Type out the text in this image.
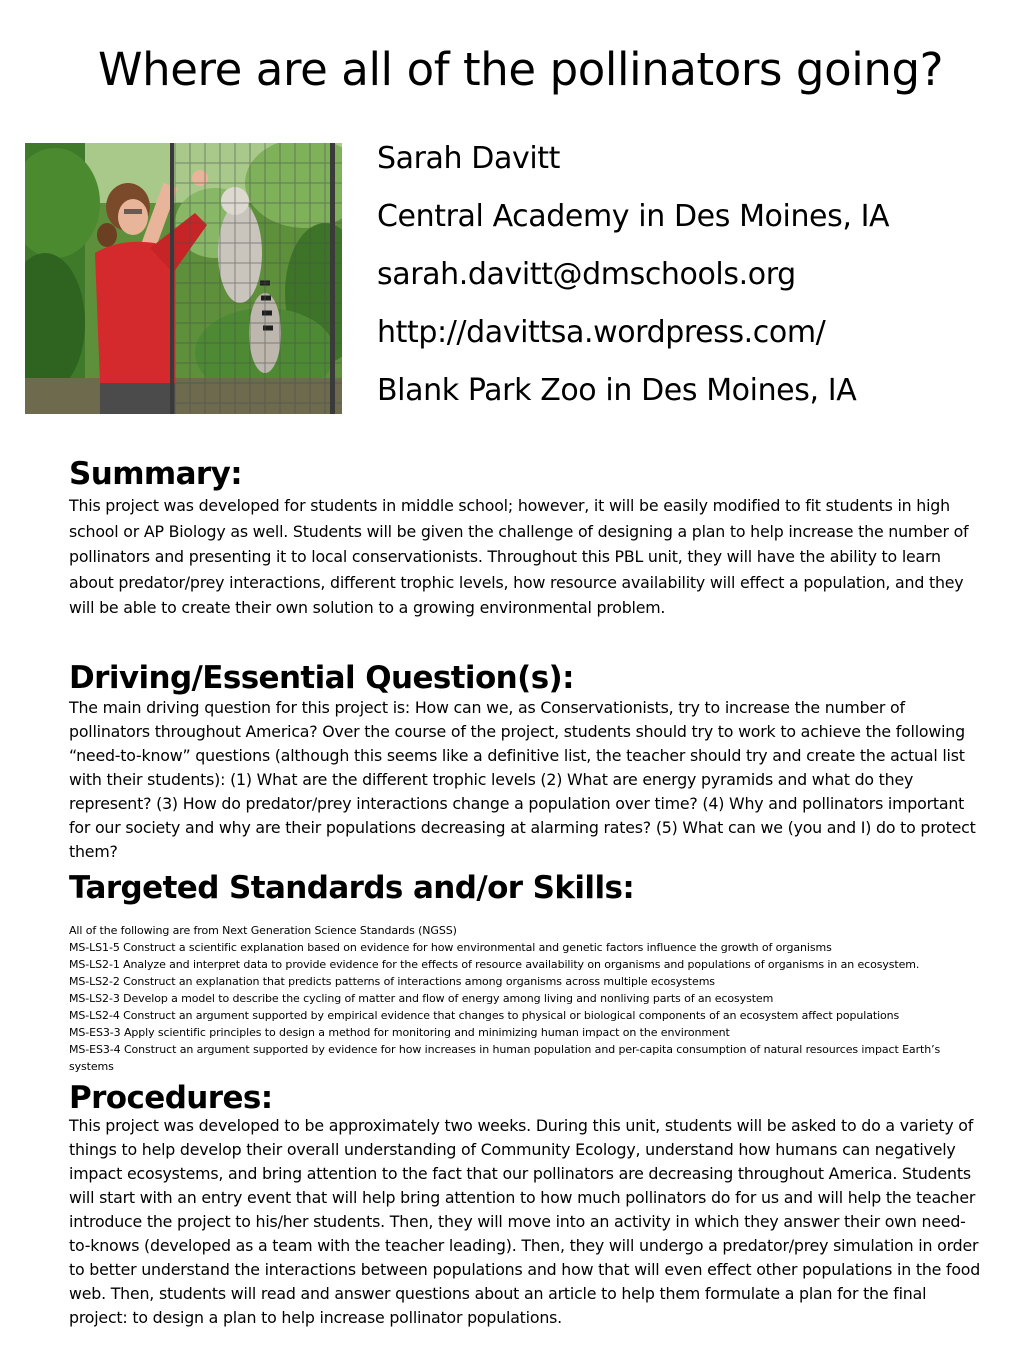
Where are all of the pollinators going?
Sarah Davitt
Central Academy in Des Moines, IA
sarah.davitt@dmschools.org
http://davittsa.wordpress.com/
Blank Park Zoo in Des Moines, IA
Summary:
This project was developed for students in middle school; however, it will be easily modified to fit students in high school or AP Biology as well. Students will be given the challenge of designing a plan to help increase the number of pollinators and presenting it to local conservationists. Throughout this PBL unit, they will have the ability to learn about predator/prey interactions, different trophic levels, how resource availability will effect a population, and they will be able to create their own solution to a growing environmental problem.
Driving/Essential Question(s):
The main driving question for this project is: How can we, as Conservationists, try to increase the number of pollinators throughout America? Over the course of the project, students should try to work to achieve the following “need-to-know” questions (although this seems like a definitive list, the teacher should try and create the actual list with their students): (1) What are the different trophic levels (2) What are energy pyramids and what do they represent? (3) How do predator/prey interactions change a population over time? (4) Why and pollinators important for our society and why are their populations decreasing at alarming rates? (5) What can we (you and I) do to protect them?
Targeted Standards and/or Skills:
All of the following are from Next Generation Science Standards (NGSS)
MS-LS1-5 Construct a scientific explanation based on evidence for how environmental and genetic factors influence the growth of organisms
MS-LS2-1 Analyze and interpret data to provide evidence for the effects of resource availability on organisms and populations of organisms in an ecosystem.
MS-LS2-2 Construct an explanation that predicts patterns of interactions among organisms across multiple ecosystems
MS-LS2-3 Develop a model to describe the cycling of matter and flow of energy among living and nonliving parts of an ecosystem
MS-LS2-4 Construct an argument supported by empirical evidence that changes to physical or biological components of an ecosystem affect populations
MS-ES3-3 Apply scientific principles to design a method for monitoring and minimizing human impact on the environment
MS-ES3-4 Construct an argument supported by evidence for how increases in human population and per-capita consumption of natural resources impact Earth’s systems
Procedures:
This project was developed to be approximately two weeks. During this unit, students will be asked to do a variety of things to help develop their overall understanding of Community Ecology, understand how humans can negatively impact ecosystems, and bring attention to the fact that our pollinators are decreasing throughout America. Students will start with an entry event that will help bring attention to how much pollinators do for us and will help the teacher introduce the project to his/her students. Then, they will move into an activity in which they answer their own need-to-knows (developed as a team with the teacher leading). Then, they will undergo a predator/prey simulation in order to better understand the interactions between populations and how that will even effect other populations in the food web. Then, students will read and answer questions about an article to help them formulate a plan for the final project: to design a plan to help increase pollinator populations.
